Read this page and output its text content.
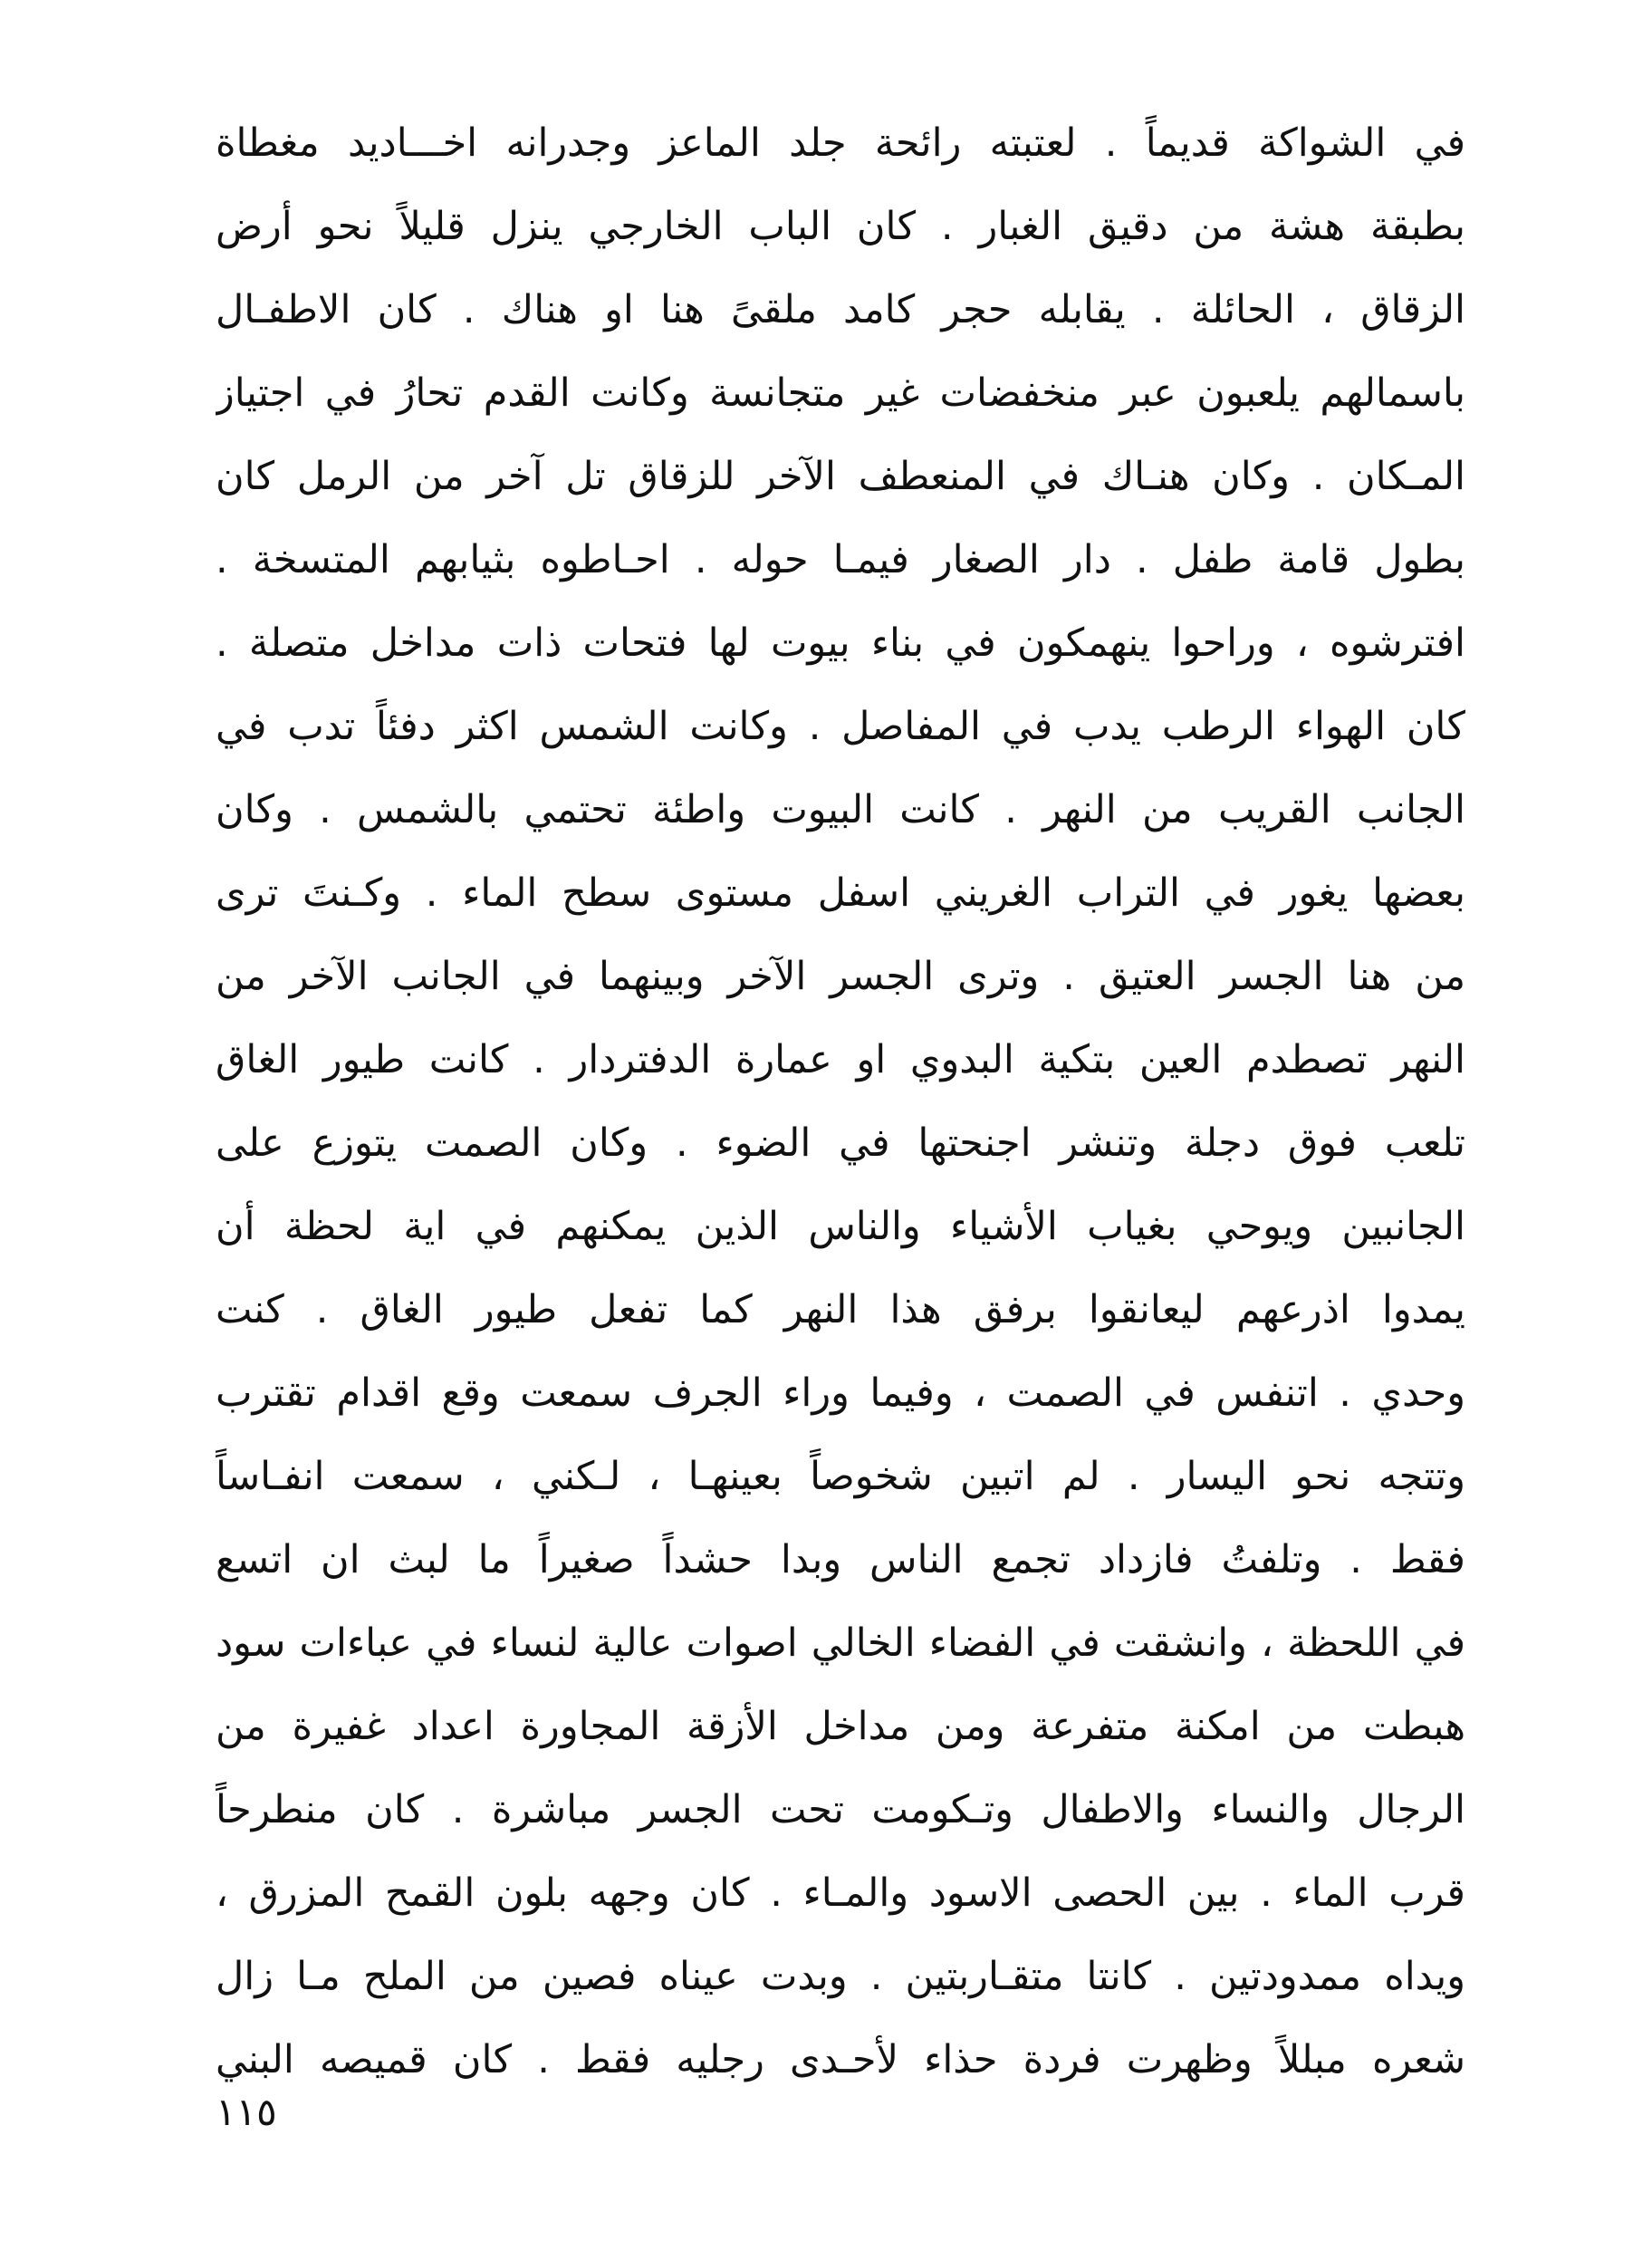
في الشواكة قديماً . لعتبته رائحة جلد الماعز وجدرانه اخـــاديد مغطاة
بطبقة هشة من دقيق الغبار . كان الباب الخارجي ينزل قليلاً نحو أرض
الزقاق ، الحائلة . يقابله حجر كامد ملقىً هنا او هناك . كان الاطفـال
باسمالهم يلعبون عبر منخفضات غير متجانسة وكانت القدم تحارُ في اجتياز
المـكان . وكان هنـاك في المنعطف الآخر للزقاق تل آخر من الرمل كان
بطول قامة طفل . دار الصغار فيمـا حوله . احـاطوه بثيابهم المتسخة .
افترشوه ، وراحوا ينهمكون في بناء بيوت لها فتحات ذات مداخل متصلة .
كان الهواء الرطب يدب في المفاصل . وكانت الشمس اكثر دفئاً تدب في
الجانب القريب من النهر . كانت البيوت واطئة تحتمي بالشمس . وكان
بعضها يغور في التراب الغريني اسفل مستوى سطح الماء . وكـنتَ ترى
من هنا الجسر العتيق . وترى الجسر الآخر وبينهما في الجانب الآخر من
النهر تصطدم العين بتكية البدوي او عمارة الدفتردار . كانت طيور الغاق
تلعب فوق دجلة وتنشر اجنحتها في الضوء . وكان الصمت يتوزع على
الجانبين ويوحي بغياب الأشياء والناس الذين يمكنهم في اية لحظة أن
يمدوا اذرعهم ليعانقوا برفق هذا النهر كما تفعل طيور الغاق . كنت
وحدي . اتنفس في الصمت ، وفيما وراء الجرف سمعت وقع اقدام تقترب
وتتجه نحو اليسار . لم اتبين شخوصاً بعينهـا ، لـكني ، سمعت انفـاساً
فقط . وتلفتُ فازداد تجمع الناس وبدا حشداً صغيراً ما لبث ان اتسع
في اللحظة ، وانشقت في الفضاء الخالي اصوات عالية لنساء في عباءات سود
هبطت من امكنة متفرعة ومن مداخل الأزقة المجاورة اعداد غفيرة من
الرجال والنساء والاطفال وتـكومت تحت الجسر مباشرة . كان منطرحاً
قرب الماء . بين الحصى الاسود والمـاء . كان وجهه بلون القمح المزرق ،
ويداه ممدودتين . كانتا متقـاربتين . وبدت عيناه فصين من الملح مـا زال
شعره مبللاً وظهرت فردة حذاء لأحـدى رجليه فقط . كان قميصه البني
١١٥
